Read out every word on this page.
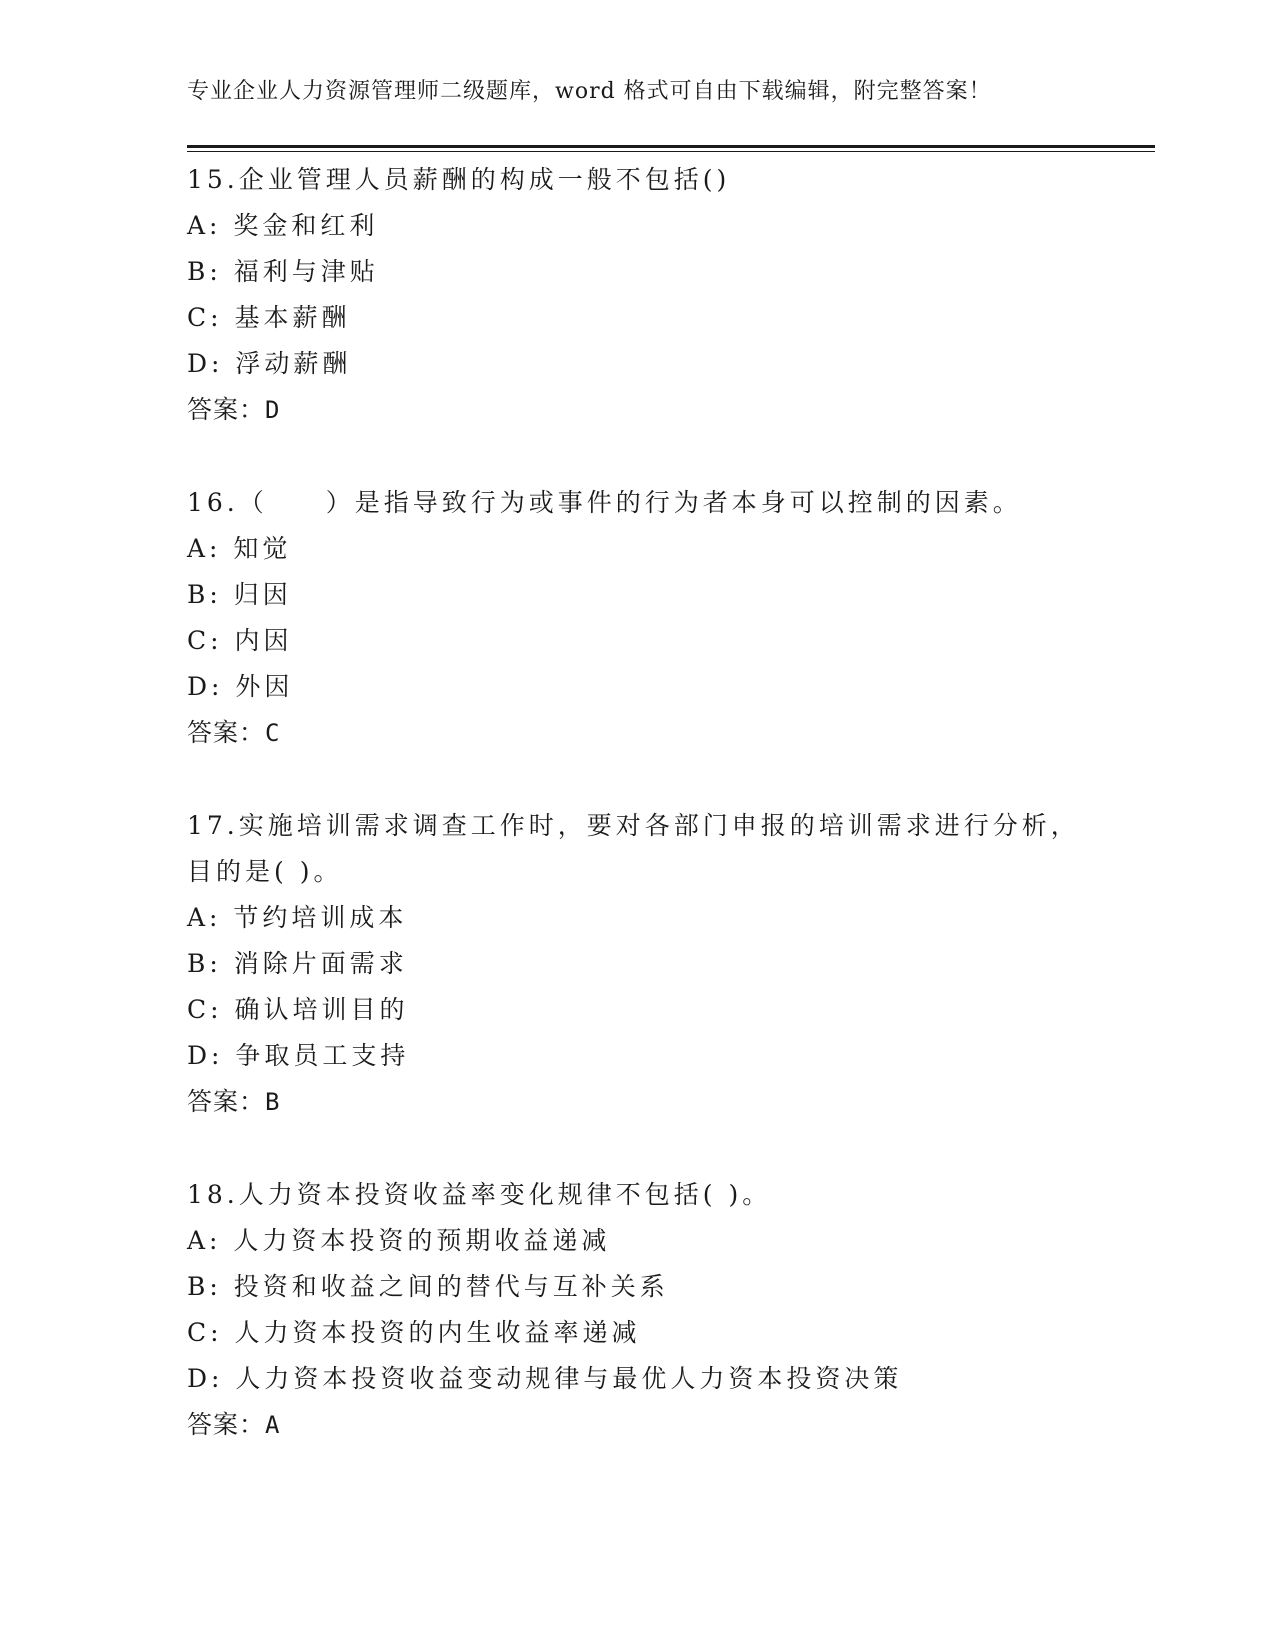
专业企业人力资源管理师二级题库，word 格式可自由下载编辑，附完整答案！
15.企业管理人员薪酬的构成一般不包括()
A: 奖金和红利
B: 福利与津贴
C: 基本薪酬
D: 浮动薪酬
答案：D
16.（　　）是指导致行为或事件的行为者本身可以控制的因素。
A: 知觉
B: 归因
C: 内因
D: 外因
答案：C
17.实施培训需求调查工作时，要对各部门申报的培训需求进行分析，
目的是( )。
A: 节约培训成本
B: 消除片面需求
C: 确认培训目的
D: 争取员工支持
答案：B
18.人力资本投资收益率变化规律不包括( )。
A: 人力资本投资的预期收益递减
B: 投资和收益之间的替代与互补关系
C: 人力资本投资的内生收益率递减
D: 人力资本投资收益变动规律与最优人力资本投资决策
答案：A
